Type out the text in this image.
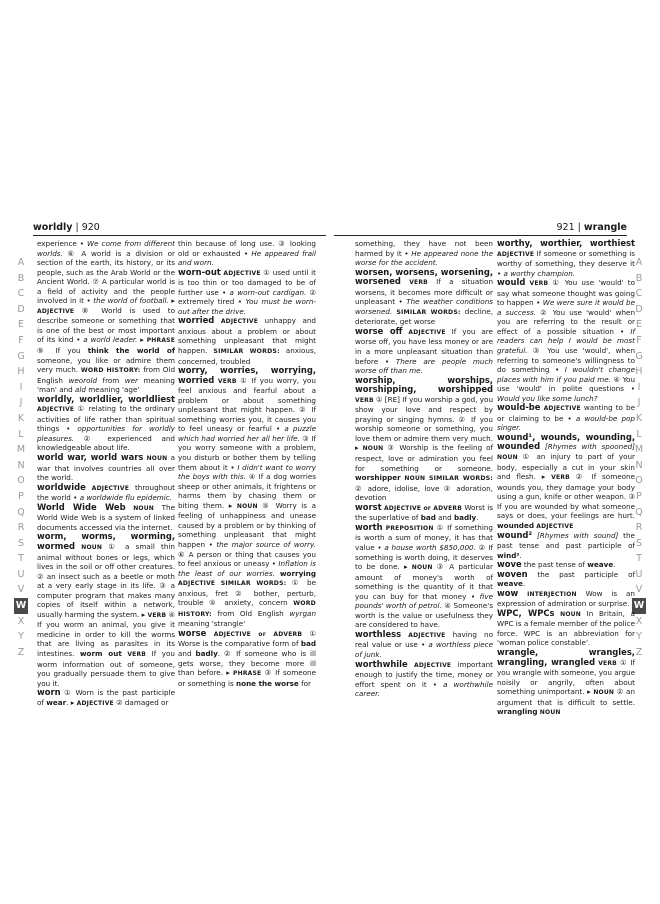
worldly | 920	921 | wrangle
A
B
C
D
E
F
G
H
I
J
K
L
M
N
O
P
Q
R
S
T
U
V
W
X
Y
Z
A
B
C
D
E
F
G
H
I
J
K
L
M
N
O
P
Q
R
S
T
U
V
W
X
Y
Z

experience • We come from different worlds. ⑥ A world is a division or section of the earth, its history, or its people, such as the Arab World or the Ancient World. ⑦ A particular world is a field of activity and the people involved in it • the world of football. ▸ ADJECTIVE ⑧ World is used to describe someone or something that is one of the best or most important of its kind • a world leader. ▸ PHRASE ⑨ If you think the world of someone, you like or admire them very much. WORD HISTORY: from Old English weorold from wer meaning 'man' and ald meaning 'age'

worldly, worldlier, worldliest ADJECTIVE ① relating to the ordinary activities of life rather than spiritual things • opportunities for worldly pleasures. ② experienced and knowledgeable about life.

world war, world wars NOUN a war that involves countries all over the world.

worldwide ADJECTIVE throughout the world • a worldwide flu epidemic.

World Wide Web NOUN The World Wide Web is a system of linked documents accessed via the internet.

worm, worms, worming, wormed NOUN ① a small thin animal without bones or legs, which lives in the soil or off other creatures. ② an insect such as a beetle or moth at a very early stage in its life. ③ a computer program that makes many copies of itself within a network, usually harming the system. ▸ VERB ④ If you worm an animal, you give it medicine in order to kill the worms that are living as parasites in its intestines. worm out VERB If you worm information out of someone, you gradually persuade them to give you it.

worn ① Worn is the past participle of wear. ▸ ADJECTIVE ② damaged or

thin because of long use. ③ looking old or exhausted • He appeared frail and worn.

worn-out ADJECTIVE ① used until it is too thin or too damaged to be of further use • a worn-out cardigan. ② extremely tired • You must be worn-out after the drive.

worried ADJECTIVE unhappy and anxious about a problem or about something unpleasant that might happen. SIMILAR WORDS: anxious, concerned, troubled

worry, worries, worrying, worried VERB ① If you worry, you feel anxious and fearful about a problem or about something unpleasant that might happen. ② If something worries you, it causes you to feel uneasy or fearful • a puzzle which had worried her all her life. ③ If you worry someone with a problem, you disturb or bother them by telling them about it • I didn't want to worry the boys with this. ④ If a dog worries sheep or other animals, it frightens or harms them by chasing them or biting them. ▸ NOUN ⑤ Worry is a feeling of unhappiness and unease caused by a problem or by thinking of something unpleasant that might happen • the major source of worry. ⑥ A person or thing that causes you to feel anxious or uneasy • Inflation is the least of our worries. worrying ADJECTIVE SIMILAR WORDS: ① be anxious, fret ② bother, perturb, trouble ⑤ anxiety, concern WORD HISTORY: from Old English wyrgan meaning 'strangle'

worse ADJECTIVE or ADVERB ① Worse is the comparative form of bad and badly. ② If someone who is ill gets worse, they become more ill than before. ▸ PHRASE ③ If someone or something is none the worse for

something, they have not been harmed by it • He appeared none the worse for the accident.

worsen, worsens, worsening, worsened VERB If a situation worsens, it becomes more difficult or unpleasant • The weather conditions worsened. SIMILAR WORDS: decline, deteriorate, get worse

worse off ADJECTIVE If you are worse off, you have less money or are in a more unpleasant situation than before • There are people much worse off than me.

worship, worships, worshipping, worshipped VERB ① [RE] If you worship a god, you show your love and respect by praying or singing hymns. ② If you worship someone or something, you love them or admire them very much. ▸ NOUN ③ Worship is the feeling of respect, love or admiration you feel for something or someone. worshipper NOUN SIMILAR WORDS: ② adore, idolise, love ③ adoration, devotion

worst ADJECTIVE or ADVERB Worst is the superlative of bad and badly.

worth PREPOSITION ① If something is worth a sum of money, it has that value • a house worth $850,000. ② If something is worth doing, it deserves to be done. ▸ NOUN ③ A particular amount of money's worth of something is the quantity of it that you can buy for that money • five pounds' worth of petrol. ④ Someone's worth is the value or usefulness they are considered to have.

worthless ADJECTIVE having no real value or use • a worthless piece of junk.

worthwhile ADJECTIVE important enough to justify the time, money or effort spent on it • a worthwhile career.

worthy, worthier, worthiest ADJECTIVE If someone or something is worthy of something, they deserve it • a worthy champion.

would VERB ① You use 'would' to say what someone thought was going to happen • We were sure it would be a success. ② You use 'would' when you are referring to the result or effect of a possible situation • If readers can help I would be most grateful. ③ You use 'would', when referring to someone's willingness to do something • I wouldn't change places with him if you paid me. ④ You use 'would' in polite questions • Would you like some lunch?

would-be ADJECTIVE wanting to be or claiming to be • a would-be pop singer.

wound¹, wounds, wounding, wounded [Rhymes with spooned] NOUN ① an injury to part of your body, especially a cut in your skin and flesh. ▸ VERB ② If someone wounds you, they damage your body using a gun, knife or other weapon. ③ If you are wounded by what someone says or does, your feelings are hurt. wounded ADJECTIVE

wound² [Rhymes with sound] the past tense and past participle of wind².

wove the past tense of weave.

woven the past participle of weave.

wow INTERJECTION Wow is an expression of admiration or surprise.

WPC, WPCs NOUN In Britain, a WPC is a female member of the police force. WPC is an abbreviation for 'woman police constable'.

wrangle, wrangles, wrangling, wrangled VERB ① If you wrangle with someone, you argue noisily or angrily, often about something unimportant. ▸ NOUN ② an argument that is difficult to settle. wrangling NOUN
